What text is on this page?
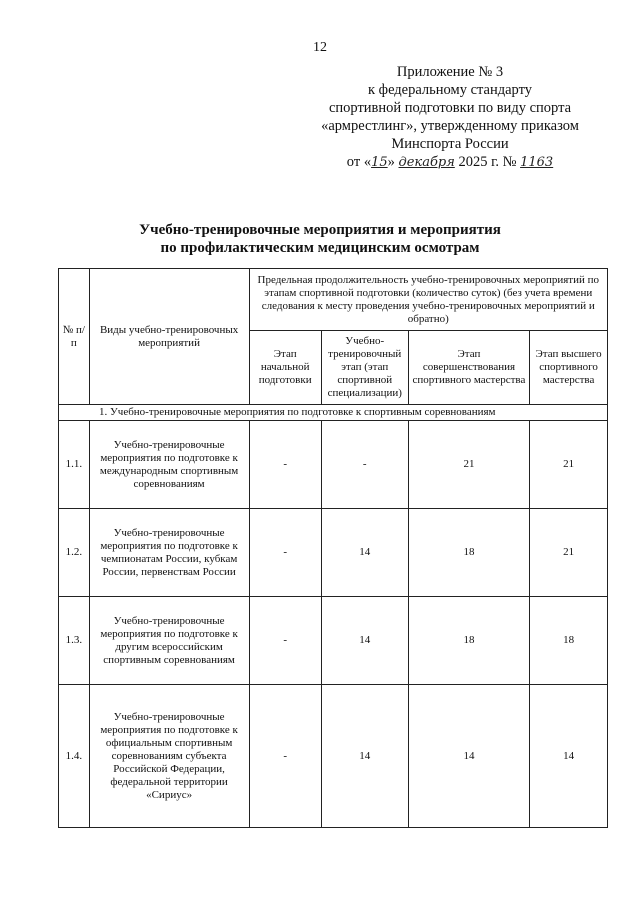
12
Приложение № 3
к федеральному стандарту
спортивной подготовки по виду спорта
«армрестлинг», утвержденному приказом
Минспорта России
от «15» декабря 2025 г. № 1163
Учебно-тренировочные мероприятия и мероприятия
по профилактическим медицинским осмотрам
№ п/п	Виды учебно-тренировочных мероприятий	Предельная продолжительность учебно-тренировочных мероприятий по этапам спортивной подготовки (количество суток) (без учета времени следования к месту проведения учебно-тренировочных мероприятий и обратно)			
		Этап начальной подготовки	Учебно-тренировочный этап (этап спортивной специализации)	Этап совершенствования спортивного мастерства	Этап высшего спортивного мастерства
1. Учебно-тренировочные мероприятия по подготовке к спортивным соревнованиям					
1.1.	Учебно-тренировочные мероприятия по подготовке к международным спортивным соревнованиям	-	-	21	21
1.2.	Учебно-тренировочные мероприятия по подготовке к чемпионатам России, кубкам России, первенствам России	-	14	18	21
1.3.	Учебно-тренировочные мероприятия по подготовке к другим всероссийским спортивным соревнованиям	-	14	18	18
1.4.	Учебно-тренировочные мероприятия по подготовке к официальным спортивным соревнованиям субъекта Российской Федерации, федеральной территории «Сириус»	-	14	14	14
